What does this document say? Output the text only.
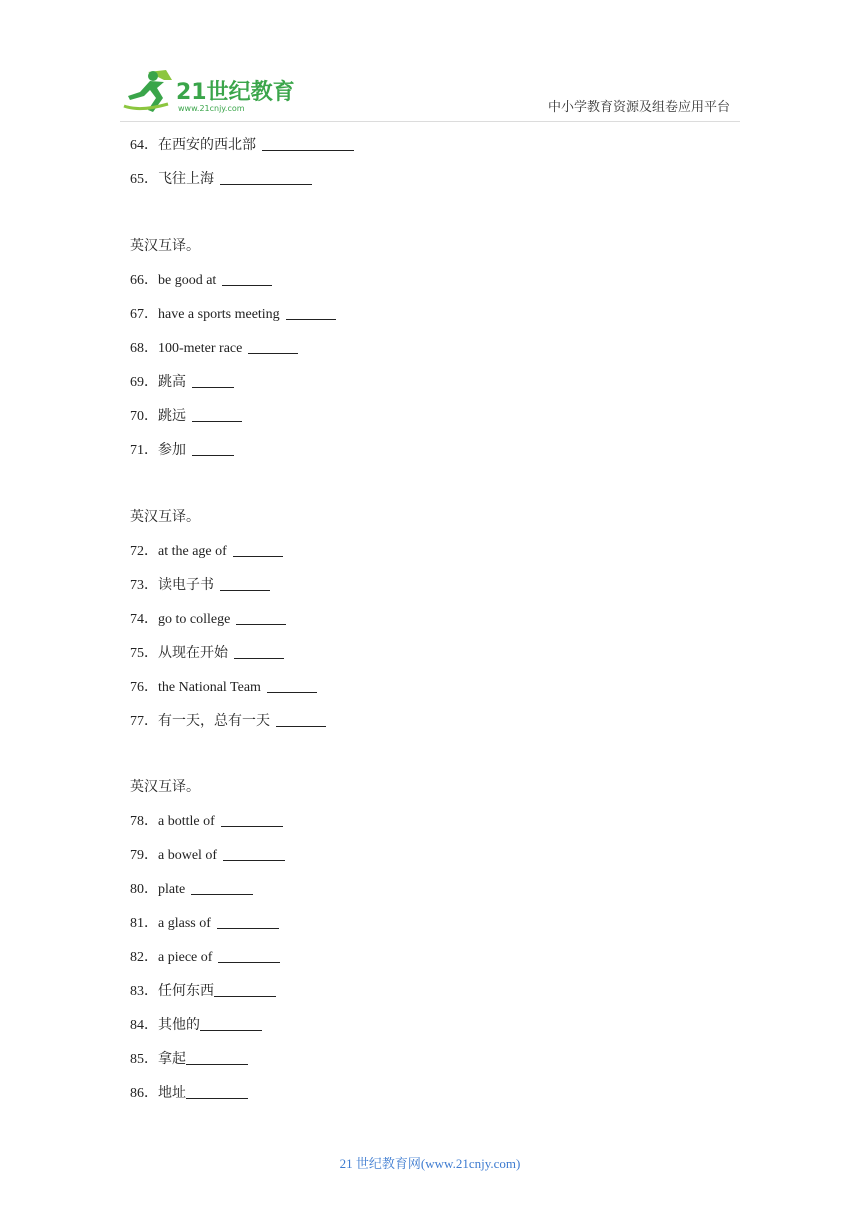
21世纪教育
www.21cnjy.com	中小学教育资源及组卷应用平台
64．在西安的西北部
65．飞往上海
英汉互译。
66．be good at
67．have a sports meeting
68．100-meter race
69．跳高
70．跳远
71．参加
英汉互译。
72．at the age of
73．读电子书
74．go to college
75．从现在开始
76．the National Team
77．有一天，总有一天
英汉互译。
78．a bottle of
79．a bowel of
80．plate
81．a glass of
82．a piece of
83．任何东西
84．其他的
85．拿起
86．地址
21 世纪教育网(www.21cnjy.com)
